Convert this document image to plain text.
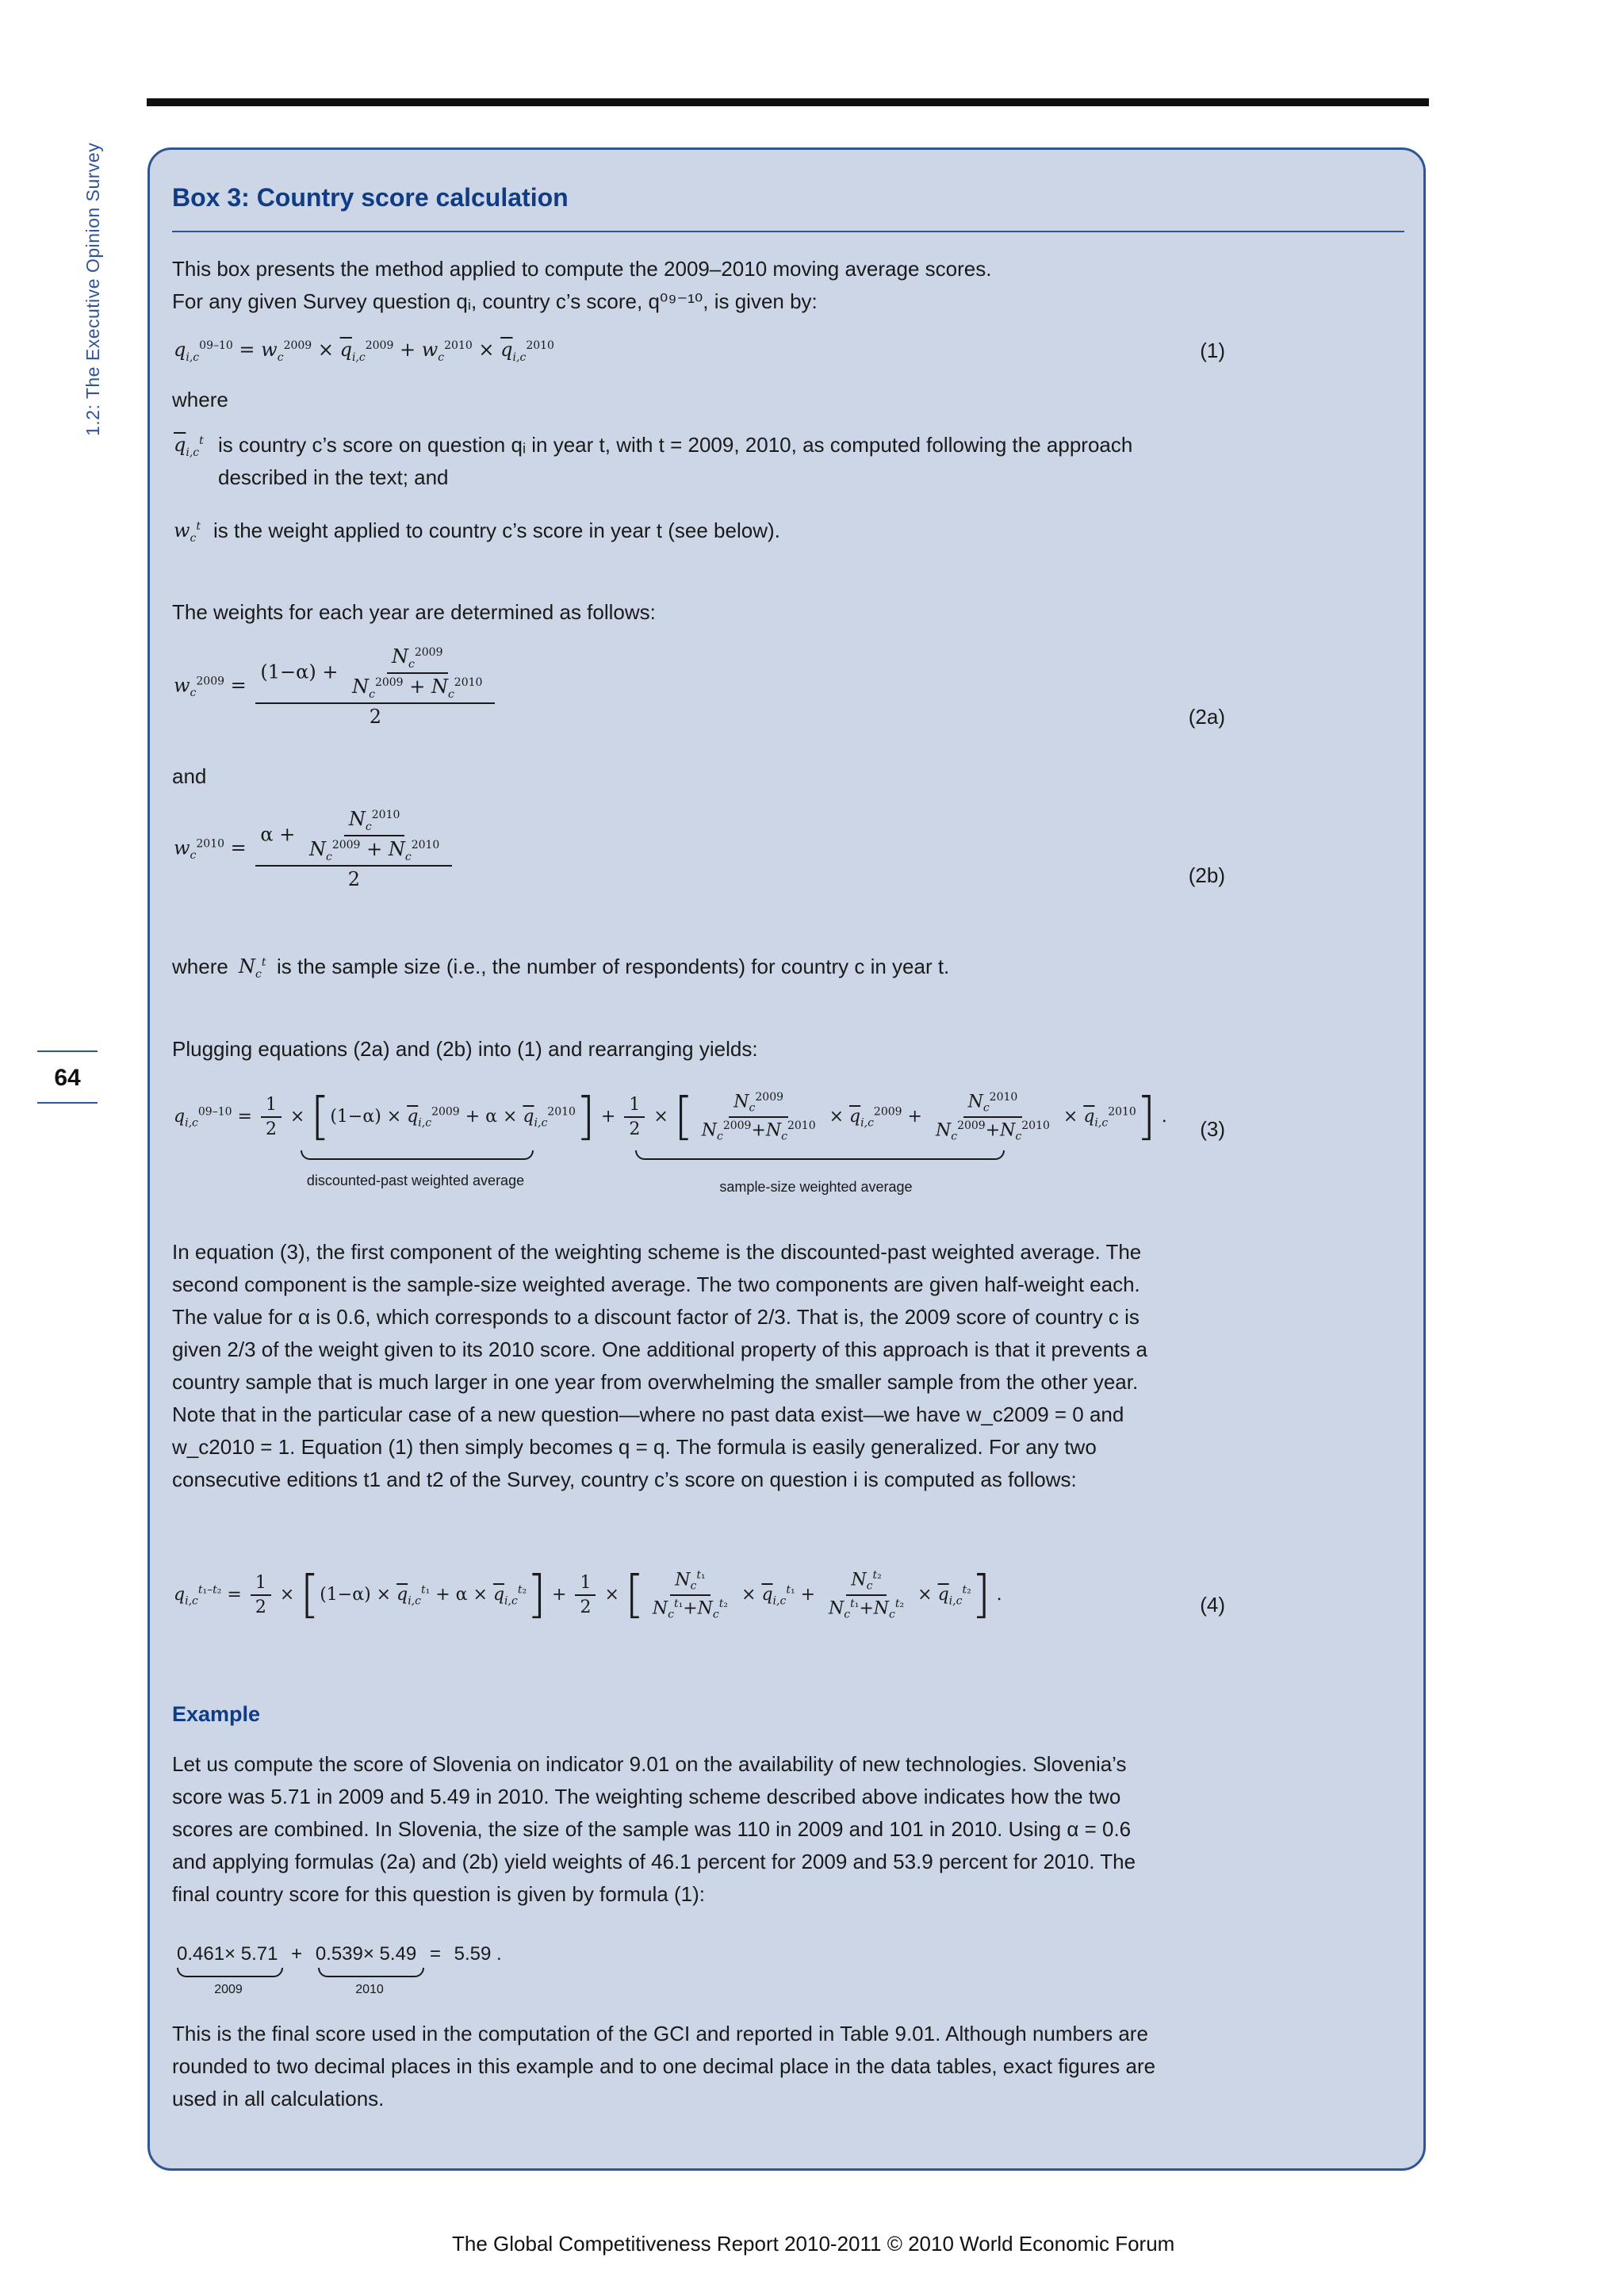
1.2: The Executive Opinion Survey
64
Box 3: Country score calculation
This box presents the method applied to compute the 2009–2010 moving average scores.
For any given Survey question qᵢ, country c’s score, q⁰⁹⁻¹⁰, is given by:
$q_{i,c}^{09-10} = w_c^{2009} \times \overline{q}_{i,c}^{2009} + w_c^{2010} \times \overline{q}_{i,c}^{2010}$	(1)
where
$\overline{q}_{i,c}^t$ is country c’s score on question qᵢ in year t, with t = 2009, 2010, as computed following the approach described in the text; and
$w_c^t$ is the weight applied to country c’s score in year t (see below).
The weights for each year are determined as follows:
$w_c^{2009} = \frac{(1-\alpha) + \frac{N_c^{2009}}{N_c^{2009} + N_c^{2010}}}{2}$	(2a)
and
$w_c^{2010} = \frac{\alpha + \frac{N_c^{2010}}{N_c^{2009} + N_c^{2010}}}{2}$	(2b)
where $N_c^t$ is the sample size (i.e., the number of respondents) for country c in year t.
Plugging equations (2a) and (2b) into (1) and rearranging yields:
$q_{i,c}^{09-10} = \frac{1}{2} \times [(1-\alpha) \times \overline{q}_{i,c}^{2009} + \alpha \times \overline{q}_{i,c}^{2010}] + \frac{1}{2}$ × [ $\frac{N_c^{2009}}{N_c^{2009}+N_c^{2010}} \times \overline{q}_{i,c}^{2009} + \frac{N_c^{2010}}{N_c^{2009}+N_c^{2010}} \times \overline{q}_{i,c}^{2010}$] .
(3)
discounted-past weighted average	sample-size weighted average
In equation (3), the first component of the weighting scheme is the discounted-past weighted average. The second component is the sample-size weighted average. The two components are given half-weight each. The value for α is 0.6, which corresponds to a discount factor of 2/3. That is, the 2009 score of country c is given 2/3 of the weight given to its 2010 score. One additional property of this approach is that it prevents a country sample that is much larger in one year from overwhelming the smaller sample from the other year. Note that in the particular case of a new question—where no past data exist—we have w_c2009 = 0 and w_c2010 = 1. Equation (1) then simply becomes q = q. The formula is easily generalized. For any two consecutive editions t1 and t2 of the Survey, country c’s score on question i is computed as follows:
$q_{i,c}^{t_1-t_2} = \frac{1}{2} \times [(1-\alpha) \times \overline{q}_{i,c}^{t_1} + \alpha \times \overline{q}_{i,c}^{t_2}] + \frac{1}{2}$ × [ $\frac{N_c^{t_1}}{N_c^{t_1}+N_c^{t_2}} \times \overline{q}_{i,c}^{t_1} + \frac{N_c^{t_2}}{N_c^{t_1}+N_c^{t_2}} \times \overline{q}_{i,c}^{t_2}$] .	(4)
Example
Let us compute the score of Slovenia on indicator 9.01 on the availability of new technologies. Slovenia’s score was 5.71 in 2009 and 5.49 in 2010. The weighting scheme described above indicates how the two scores are combined. In Slovenia, the size of the sample was 110 in 2009 and 101 in 2010. Using α = 0.6 and applying formulas (2a) and (2b) yield weights of 46.1 percent for 2009 and 53.9 percent for 2010. The final country score for this question is given by formula (1):
0.461× 5.71 + 0.539× 5.49 = 5.59 .
2009	2010
This is the final score used in the computation of the GCI and reported in Table 9.01. Although numbers are rounded to two decimal places in this example and to one decimal place in the data tables, exact figures are used in all calculations.
The Global Competitiveness Report 2010-2011 © 2010 World Economic Forum
